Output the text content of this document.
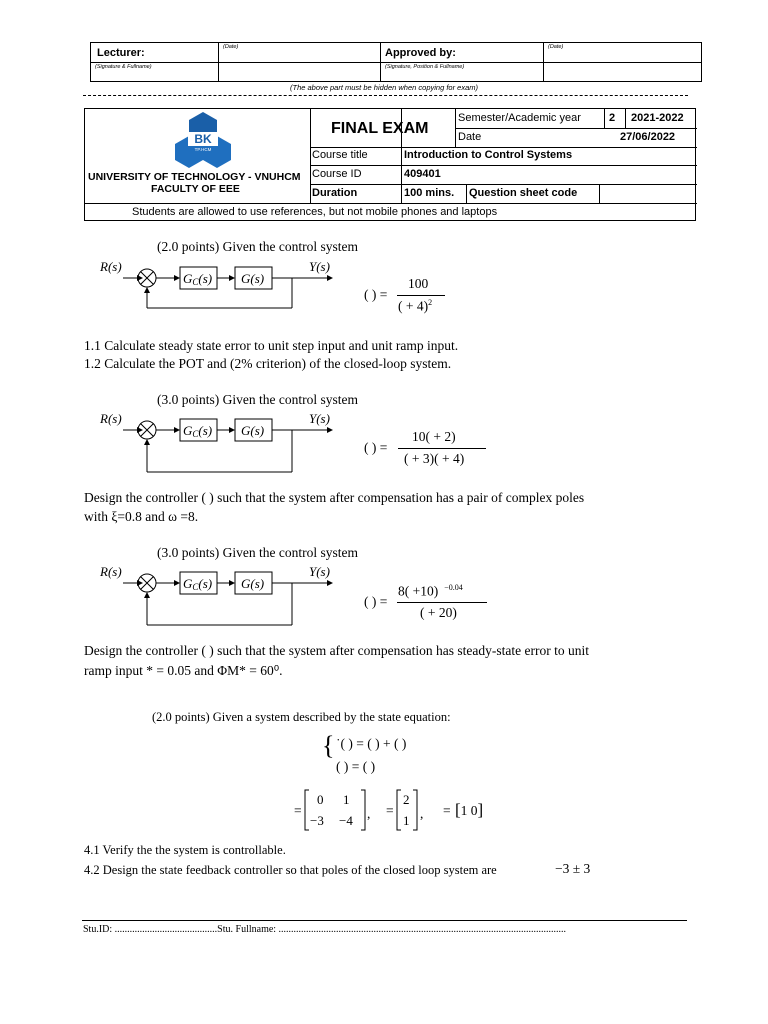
Lecturer:	(Date)
(Signature & Fullname)
Approved by:	(Date)
(Signature, Position & Fullname)
(The above part must be hidden when copying for exam)
BK
TP.HCM
UNIVERSITY OF TECHNOLOGY - VNUHCM
FACULTY OF EEE
FINAL EXAM
Semester/Academic year	2 2021-2022
Date	27/06/2022
Course title	Introduction to Control Systems
Course ID	409401
Duration	100 mins. Question sheet code
Students are allowed to use references, but not mobile phones and laptops
(2.0 points) Given the control system
R(s)
GC(s) G(s)
Y(s)
( ) =
100
( + 4)$^2$
1.1 Calculate steady state error to unit step input and unit ramp input.
1.2 Calculate the POT and (2% criterion) of the closed-loop system.
(3.0 points) Given the control system
R(s)
GC(s) G(s)
Y(s)
( ) =
10( + 2)
( + 3)( + 4)
Design the controller ( ) such that the system after compensation has a pair of complex poles
with ξ=0.8 and ω =8.
(3.0 points) Given the control system
R(s)
GC(s) G(s)
Y(s)
( ) =
8( +10) $^{-0.04}$
( + 20)
Design the controller ( ) such that the system after compensation has steady-state error to unit
ramp input * = 0.05 and ΦM* = 60⁰.
(2.0 points) Given a system described by the state equation:
{ ˙( ) = ( ) + ( )
( ) = ( )
=
0 1
−3 −4 , =
2
1 , = [1 0]
4.1 Verify the the system is controllable.
4.2 Design the state feedback controller so that poles of the closed loop system are	−3 ± 3
Stu.ID: .........................................Stu. Fullname: ...................................................................................................................
